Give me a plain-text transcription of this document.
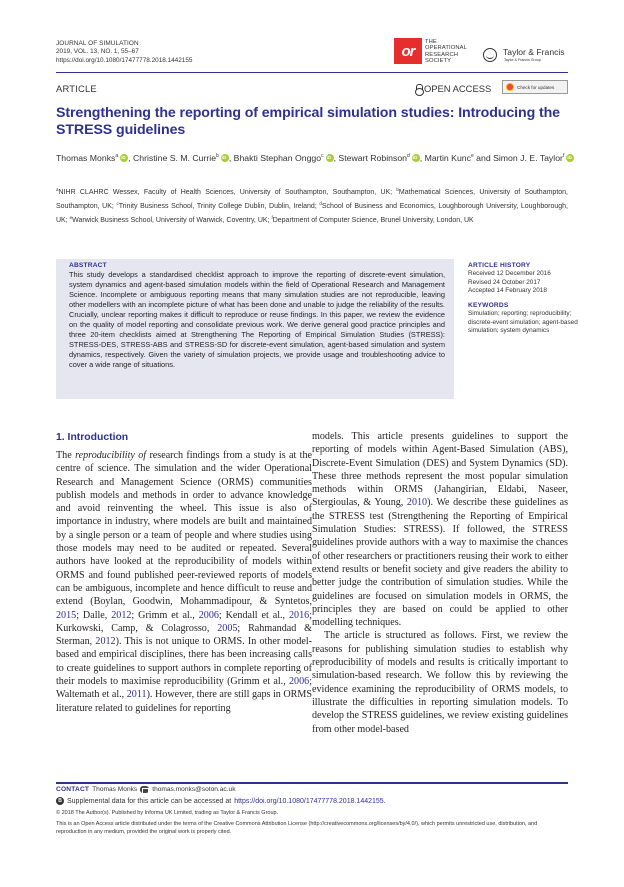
JOURNAL OF SIMULATION
2019, VOL. 13, NO. 1, 55–67
https://doi.org/10.1080/17477778.2018.1442155
or
THE
OPERATIONAL
RESEARCH
SOCIETY
Taylor & Francis
Taylor & Francis Group
ARTICLE	OPEN ACCESS	Check for updates
Strengthening the reporting of empirical simulation studies: Introducing the STRESS guidelines
Thomas Monks$^a$ iD , Christine S. M. Currie$^b$ iD , Bhakti Stephan Onggo$^c$ iD , Stewart Robinson$^d$ iD , Martin Kunc$^e$ and Simon J. E. Taylor$^f$iD
$^a$NIHR CLAHRC Wessex, Faculty of Health Sciences, University of Southampton, Southampton, UK; $^b$Mathematical Sciences, University of Southampton, Southampton, UK; $^c$Trinity Business School, Trinity College Dublin, Dublin, Ireland; $^d$School of Business and Economics, Loughborough University, Loughborough, UK; $^e$Warwick Business School, University of Warwick, Coventry, UK; $^f$Department of Computer Science, Brunel University, London, UK
ABSTRACT
This study develops a standardised checklist approach to improve the reporting of discrete-event simulation, system dynamics and agent-based simulation models within the field of Operational Research and Management Science. Incomplete or ambiguous reporting means that many simulation studies are not reproducible, leaving other modellers with an incomplete picture of what has been done and unable to judge the reliability of the results. Crucially, unclear reporting makes it difficult to reproduce or reuse findings. In this paper, we review the evidence on the quality of model reporting and consolidate previous work. We derive general good practice principles and three 20-item checklists aimed at Strengthening The Reporting of Empirical Simulation Studies (STRESS): STRESS-DES, STRESS-ABS and STRESS-SD for discrete-event simulation, agent-based simulation and system dynamics, respectively. Given the variety of simulation projects, we provide usage and troubleshooting advice to cover a wide range of situations.
ARTICLE HISTORY
Received 12 December 2016
Revised 24 October 2017
Accepted 14 February 2018
KEYWORDS
Simulation; reporting; reproducibility; discrete-event simulation; agent-based simulation; system dynamics
1. Introduction
The reproducibility of research findings from a study is at the centre of science. The simulation and the wider Operational Research and Management Science (ORMS) communities publish models and methods in order to advance knowledge and avoid reinventing the wheel. This issue is also of importance in industry, where models are built and maintained by a single person or a team of people and where studies using those models may need to be audited or repeated. Several authors have looked at the reproducibility of models within ORMS and found published peer-reviewed reports of models can be ambiguous, incomplete and hence difficult to reuse and extend (Boylan, Goodwin, Mohammadipour, & Syntetos, 2015; Dalle, 2012; Grimm et al., 2006; Kendall et al., 2016; Kurkowski, Camp, & Colagrosso, 2005; Rahmandad & Sterman, 2012). This is not unique to ORMS. In other model-based and empirical disciplines, there has been increasing calls to create guidelines to support authors in complete reporting of their models to maximise reproducibility (Grimm et al., 2006; Waltemath et al., 2011). However, there are still gaps in ORMS literature related to guidelines for reporting
models. This article presents guidelines to support the reporting of models within Agent-Based Simulation (ABS), Discrete-Event Simulation (DES) and System Dynamics (SD). These three methods represent the most popular simulation methods within ORMS (Jahangirian, Eldabi, Naseer, Stergioulas, & Young, 2010). We describe these guidelines as the STRESS test (Strengthening the Reporting of Empirical Simulation Studies: STRESS). If followed, the STRESS guidelines provide authors with a way to maximise the chances of other researchers or practitioners reusing their work to either extend results or benefit society and give readers the ability to better judge the contribution of simulation studies. While the guidelines are focused on simulation models in ORMS, the principles they are based on could be applied to other modelling techniques.
The article is structured as follows. First, we review the reasons for publishing simulation studies to establish why reproducibility of models and results is critically important to simulation-based research. We follow this by reviewing the evidence examining the reproducibility of ORMS models, to illustrate the difficulties in reporting simulation models. To develop the STRESS guidelines, we review existing guidelines from other model-based
CONTACT Thomas Monks thomas.monks@soton.ac.uk
B Supplemental data for this article can be accessed at https://doi.org/10.1080/17477778.2018.1442155.
© 2018 The Author(s). Published by Informa UK Limited, trading as Taylor & Francis Group.
This is an Open Access article distributed under the terms of the Creative Commons Attribution License (http://creativecommons.org/licenses/by/4.0/), which permits unrestricted use, distribution, and reproduction in any medium, provided the original work is properly cited.
